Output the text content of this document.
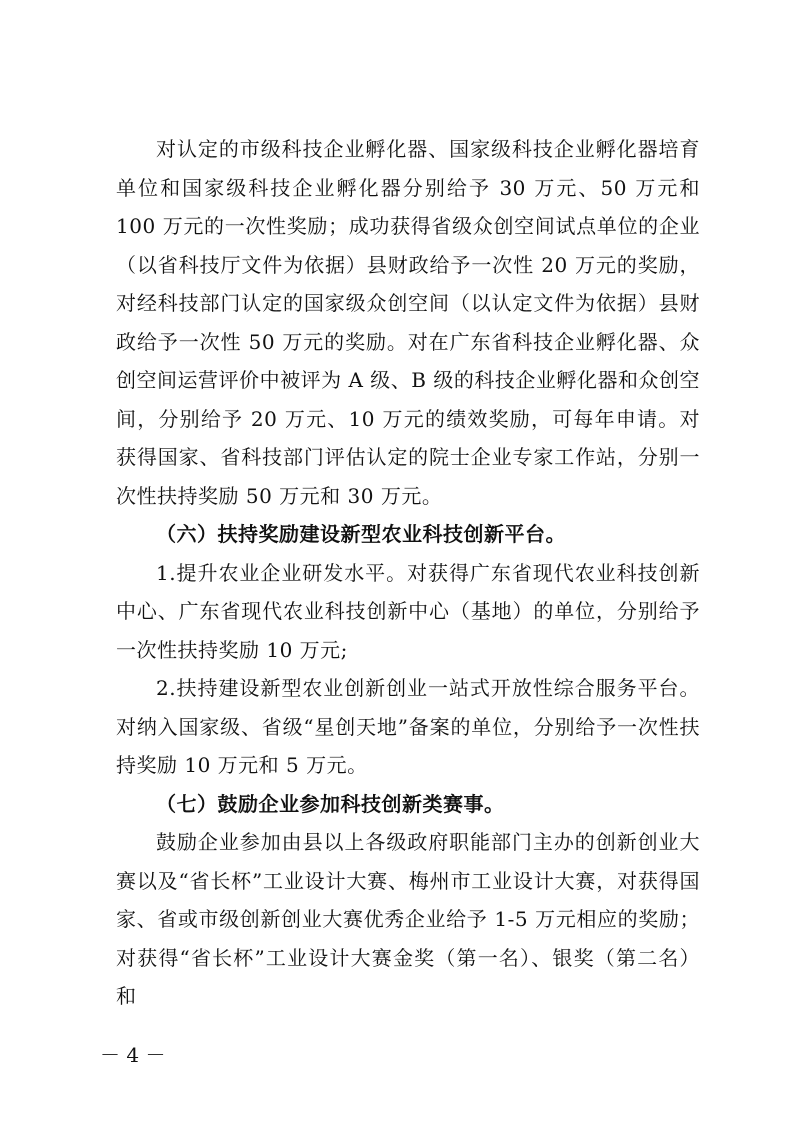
对认定的市级科技企业孵化器、国家级科技企业孵化器培育单位和国家级科技企业孵化器分别给予 30 万元、50 万元和 100 万元的一次性奖励；成功获得省级众创空间试点单位的企业（以省科技厅文件为依据）县财政给予一次性 20 万元的奖励，对经科技部门认定的国家级众创空间（以认定文件为依据）县财政给予一次性 50 万元的奖励。对在广东省科技企业孵化器、众创空间运营评价中被评为 A 级、B 级的科技企业孵化器和众创空间，分别给予 20 万元、10 万元的绩效奖励，可每年申请。对获得国家、省科技部门评估认定的院士企业专家工作站，分别一次性扶持奖励 50 万元和 30 万元。

（六）扶持奖励建设新型农业科技创新平台。

1.提升农业企业研发水平。对获得广东省现代农业科技创新中心、广东省现代农业科技创新中心（基地）的单位，分别给予一次性扶持奖励 10 万元;

2.扶持建设新型农业创新创业一站式开放性综合服务平台。对纳入国家级、省级“星创天地”备案的单位，分别给予一次性扶持奖励 10 万元和 5 万元。

（七）鼓励企业参加科技创新类赛事。

鼓励企业参加由县以上各级政府职能部门主办的创新创业大赛以及“省长杯”工业设计大赛、梅州市工业设计大赛，对获得国家、省或市级创新创业大赛优秀企业给予 1-5 万元相应的奖励；对获得“省长杯”工业设计大赛金奖（第一名）、银奖（第二名）和

－ 4 －
